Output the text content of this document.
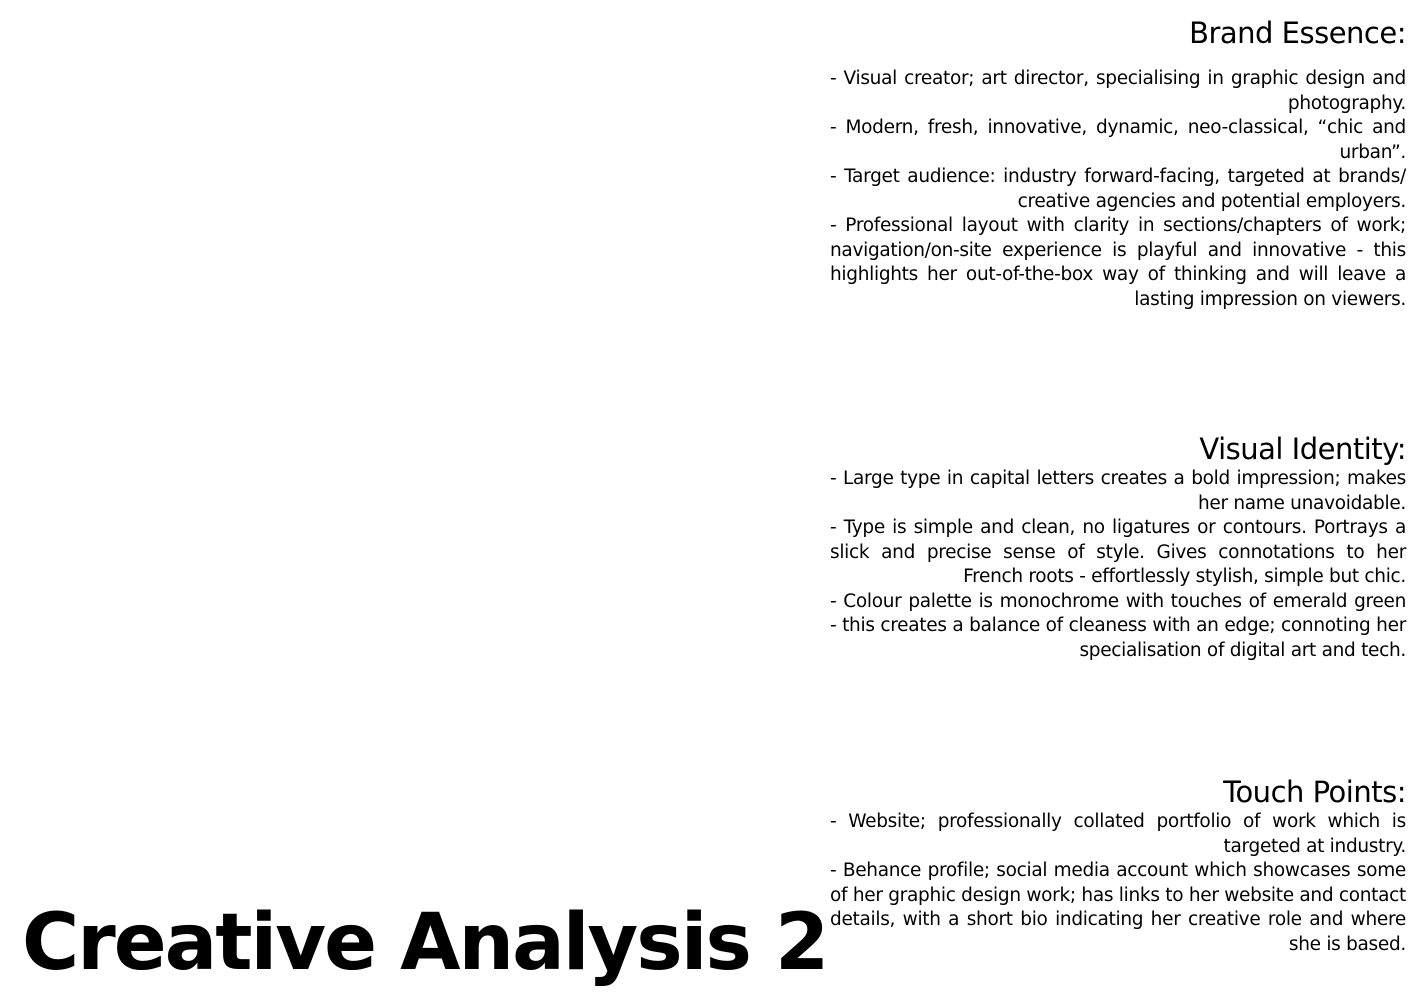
Brand Essence:

- Visual creator; art director, specialising in graphic design and photography.

- Modern, fresh, innovative, dynamic, neo-classical, “chic and urban”.

- Target audience: industry forward-facing, targeted at brands/ creative agencies and potential employers.

- Professional layout with clarity in sections/chapters of work; navigation/on-site experience is playful and innovative - this highlights her out-of-the-box way of thinking and will leave a lasting impression on viewers.

Visual Identity:

- Large type in capital letters creates a bold impression; makes her name unavoidable.

- Type is simple and clean, no ligatures or contours. Portrays a slick and precise sense of style. Gives connotations to her French roots - effortlessly stylish, simple but chic.

- Colour palette is monochrome with touches of emerald green - this creates a balance of cleaness with an edge; connoting her specialisation of digital art and tech.

Touch Points:

- Website; professionally collated portfolio of work which is targeted at industry.

- Behance profile; social media account which showcases some of her graphic design work; has links to her website and contact details, with a short bio indicating her creative role and where she is based.

Creative Analysis 2
